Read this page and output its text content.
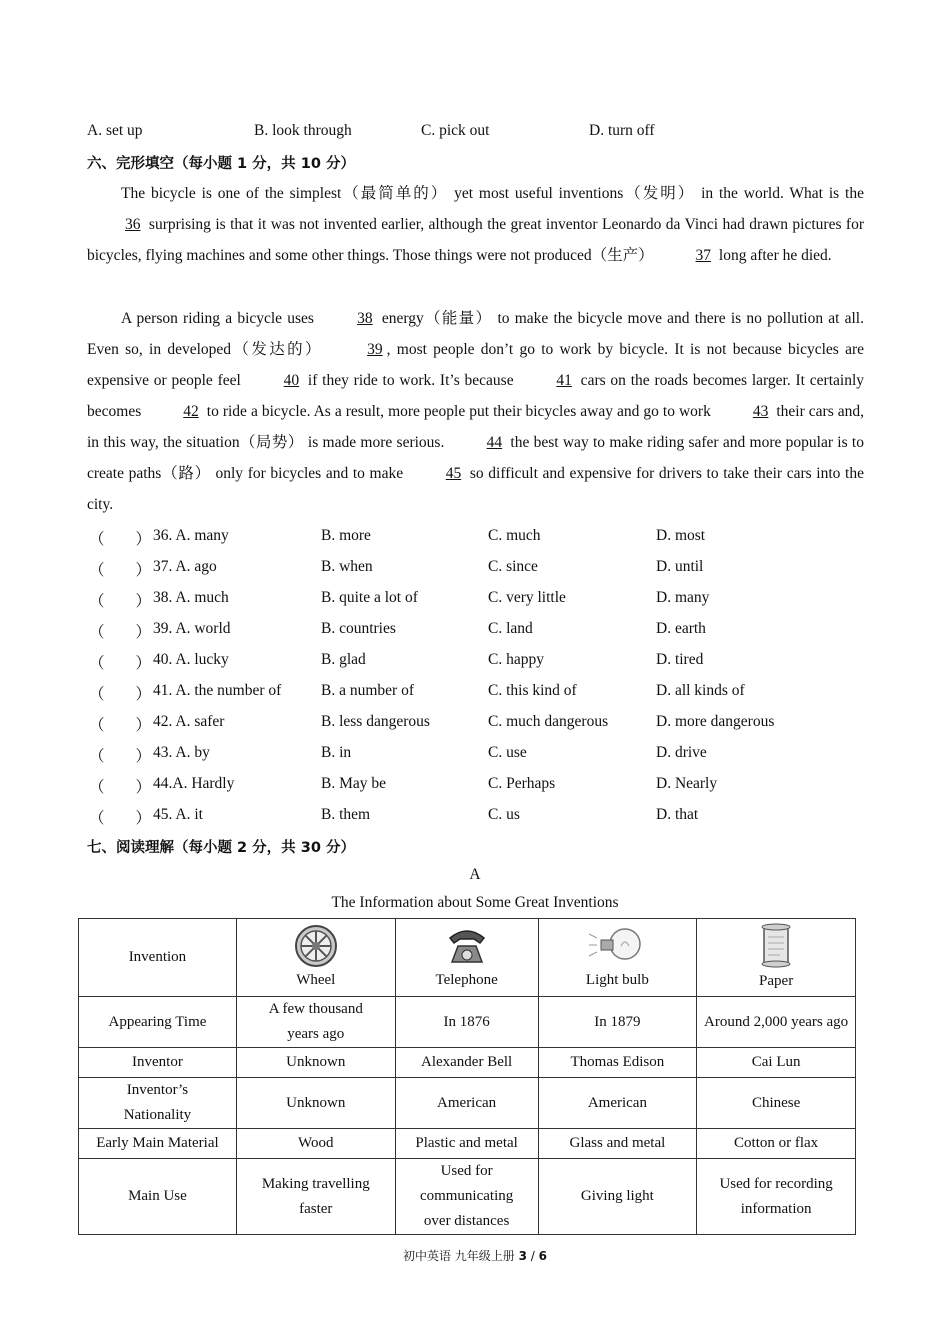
A. set up	B. look through	C. pick out	D. turn off
六、完形填空（每小题 1 分，共 10 分）

The bicycle is one of the simplest（最简单的） yet most useful inventions（发明） in the world. What is the 36 surprising is that it was not invented earlier, although the great inventor Leonardo da Vinci had drawn pictures for bicycles, flying machines and some other things. Those things were not produced（生产） 37 long after he died.

A person riding a bicycle uses 38 energy（能量） to make the bicycle move and there is no pollution at all. Even so, in developed（发达的） 39 , most people don’t go to work by bicycle. It is not because bicycles are expensive or people feel 40 if they ride to work. It’s because 41 cars on the roads becomes larger. It certainly becomes 42 to ride a bicycle. As a result, more people put their bicycles away and go to work 43 their cars and, in this way, the situation（局势） is made more serious. 44 the best way to make riding safer and more popular is to create paths（路） only for bicycles and to make 45 so difficult and expensive for drivers to take their cars into the city.

（　　） 36. A. many	B. more	C. much	D. most
（　　） 37. A. ago	B. when	C. since	D. until
（　　） 38. A. much	B. quite a lot of	C. very little	D. many
（　　） 39. A. world	B. countries	C. land	D. earth
（　　） 40. A. lucky	B. glad	C. happy	D. tired
（　　） 41. A. the number of	B. a number of	C. this kind of	D. all kinds of
（　　） 42. A. safer	B. less dangerous	C. much dangerous	D. more dangerous
（　　） 43. A. by	B. in	C. use	D. drive
（　　） 44.A. Hardly	B. May be	C. Perhaps	D. Nearly
（　　） 45. A. it	B. them	C. us	D. that
七、阅读理解（每小题 2 分，共 30 分）
A
The Information about Some Great Inventions
Invention	Wheel	Telephone	Light bulb	Paper

Appearing Time	A few thousand years ago	In 1876	In 1879	Around 2,000 years ago
Inventor	Unknown	Alexander Bell	Thomas Edison	Cai Lun
Inventor’s Nationality	Unknown	American	American	Chinese
Early Main Material	Wood	Plastic and metal	Glass and metal	Cotton or flax
Main Use	Making travelling faster	Used for communicating over distances	Giving light	Used for recording information
初中英语 九年级上册 3 / 6
